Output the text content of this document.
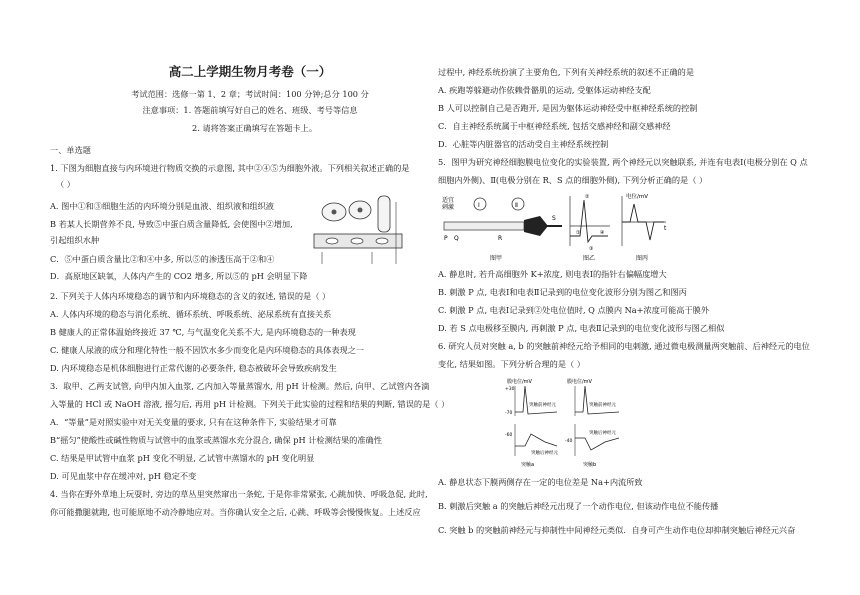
高二上学期生物月考卷（一）
考试范围：选修一第 1、2 章；考试时间：100 分钟;总分 100 分
注意事项：1. 答题前填写好自己的姓名、班级、考号等信息
2. 请将答案正确填写在答题卡上。
一、单选题
1. 下图为细胞直接与内环境进行物质交换的示意图, 其中②④⑤为细胞外液。下列相关叙述正确的是
（ ）
A. 图中①和③细胞生活的内环境分别是血液、组织液和组织液
B 若某人长期营养不良, 导致⑤中蛋白质含量降低, 会使图中②增加,
引起组织水肿
C．⑤中蛋白质含量比②和④中多, 所以⑤的渗透压高于②和④
D．高原地区缺氧，人体内产生的 CO2 增多, 所以⑤的 pH 会明显下降
2. 下列关于人体内环境稳态的调节和内环境稳态的含义的叙述, 错误的是（ ）
A. 人体内环境的稳态与消化系统、循环系统、呼吸系统、泌尿系统有直接关系
B 健康人的正常体温始终接近 37 ℃, 与气温变化关系不大, 是内环境稳态的一种表现
C. 健康人尿液的成分和理化特性一般不因饮水多少而变化是内环境稳态的具体表现之一
D. 内环境稳态是机体细胞进行正常代谢的必要条件, 稳态被破坏会导致疾病发生
3．取甲、乙两支试管, 向甲内加入血浆, 乙内加入等量蒸馏水, 用 pH 计检测。然后, 向甲、乙试管内各滴
入等量的 HCl 或 NaOH 溶液, 摇匀后, 再用 pH 计检测。下列关于此实验的过程和结果的判断, 错误的是（ ）
A．“等量”是对照实验中对无关变量的要求, 只有在这种条件下, 实验结果才可靠
B“摇匀”使酸性或碱性物质与试管中的血浆或蒸馏水充分混合, 确保 pH 计检测结果的准确性
C. 结果是甲试管中血浆 pH 变化不明显, 乙试管中蒸馏水的 pH 变化明显
D. 可见血浆中存在缓冲对, pH 稳定不变
4. 当你在野外草地上玩耍时, 旁边的草丛里突然窜出一条蛇, 于是你非常紧张, 心跳加快、呼吸急促, 此时,
你可能撒腿就跑, 也可能原地不动冷静地应对。当你确认安全之后, 心跳、呼吸等会慢慢恢复。上述反应
过程中, 神经系统扮演了主要角色, 下列有关神经系统的叙述不正确的是
A. 疾跑等躲避动作依赖骨骼肌的运动, 受躯体运动神经支配
B 人可以控制自己是否跑开, 是因为躯体运动神经受中枢神经系统的控制
C．自主神经系统属于中枢神经系统, 包括交感神经和副交感神经
D．心脏等内脏器官的活动受自主神经系统控制
5．图甲为研究神经细胞膜电位变化的实验装置, 两个神经元以突触联系, 并连有电表Ⅰ(电极分别在 Q 点
细胞内外侧)、Ⅱ(电极分别在 R、S 点的细胞外侧), 下列分析正确的是（ ）
A. 静息时, 若升高细胞外 K+浓度, 则电表Ⅰ的指针右偏幅度增大
B. 刺激 P 点, 电表Ⅰ和电表Ⅱ记录到的电位变化波形分别为图乙和图丙
C. 刺激 P 点, 电表Ⅰ记录到②处电位值时, Q 点膜内 Na+浓度可能高于膜外
D. 若 S 点电极移至膜内, 再刺激 P 点, 电表Ⅱ记录到的电位变化波形与图乙相似
6. 研究人员对突触 a, b 的突触前神经元给予相同的电刺激, 通过微电极测量两突触前、后神经元的电位
变化, 结果如图。下列分析合理的是（ ）
A. 静息状态下膜两侧存在一定的电位差是 Na+内流所致
B. 刺激后突触 a 的突触后神经元出现了一个动作电位, 但该动作电位不能传播
C. 突触 b 的突触前神经元与抑制性中间神经元类似．自身可产生动作电位却抑制突触后神经元兴奋
适宜
刺激	Ⅰ	Ⅱ
P Q	R
S
图甲	图乙
电位/mV
t
图丙
①
②
③
④
膜电位/mV	膜电位/mV
突触前神经元
+30
-70
突触前神经元
突触后神经元
-60
突触a
突触后神经元
-40
突触b
